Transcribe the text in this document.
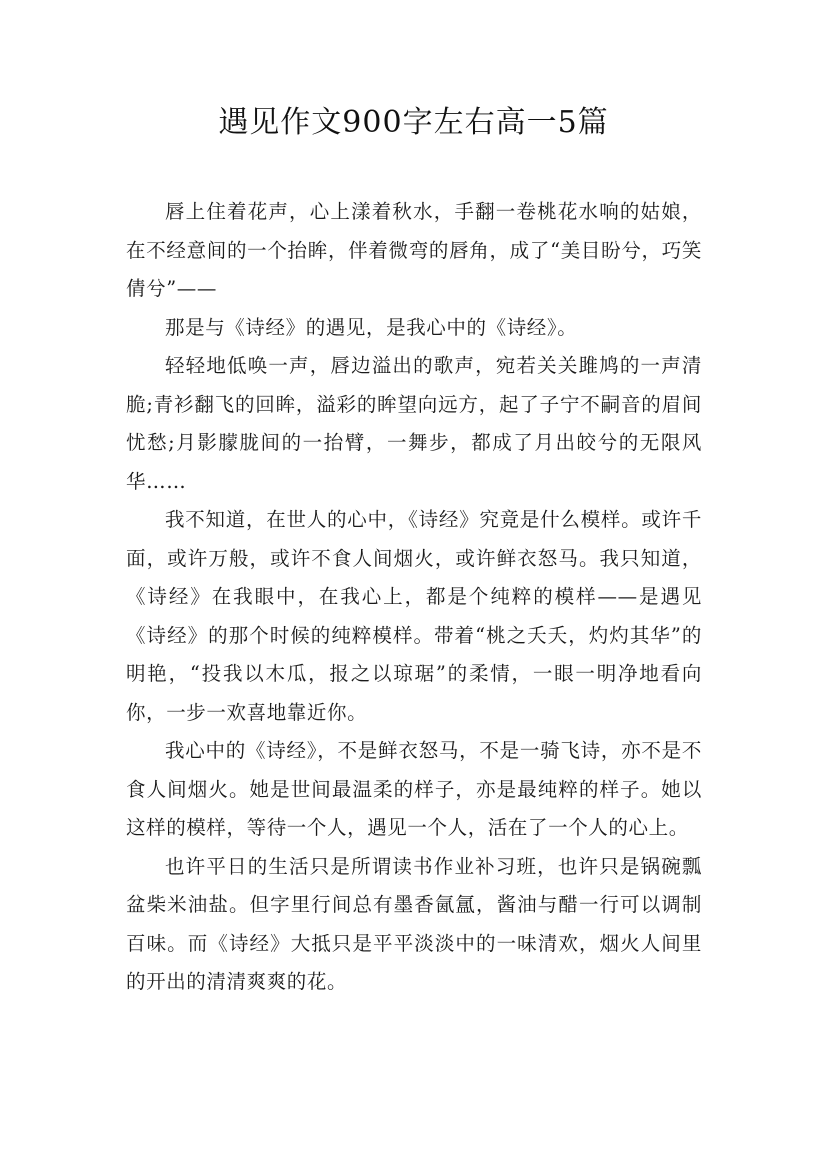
遇见作文900字左右高一5篇

唇上住着花声，心上漾着秋水，手翻一卷桃花水响的姑娘，在不经意间的一个抬眸，伴着微弯的唇角，成了“美目盼兮，巧笑倩兮”——

那是与《诗经》的遇见，是我心中的《诗经》。

轻轻地低唤一声，唇边溢出的歌声，宛若关关雎鸠的一声清脆;青衫翻飞的回眸，溢彩的眸望向远方，起了子宁不嗣音的眉间忧愁;月影朦胧间的一抬臂，一舞步，都成了月出皎兮的无限风华……

我不知道，在世人的心中，《诗经》究竟是什么模样。或许千面，或许万般，或许不食人间烟火，或许鲜衣怒马。我只知道，《诗经》在我眼中，在我心上，都是个纯粹的模样——是遇见《诗经》的那个时候的纯粹模样。带着“桃之夭夭，灼灼其华”的明艳，“投我以木瓜，报之以琼琚”的柔情，一眼一明净地看向你，一步一欢喜地靠近你。

我心中的《诗经》，不是鲜衣怒马，不是一骑飞诗，亦不是不食人间烟火。她是世间最温柔的样子，亦是最纯粹的样子。她以这样的模样，等待一个人，遇见一个人，活在了一个人的心上。

也许平日的生活只是所谓读书作业补习班，也许只是锅碗瓢盆柴米油盐。但字里行间总有墨香氤氲，酱油与醋一行可以调制百味。而《诗经》大抵只是平平淡淡中的一味清欢，烟火人间里的开出的清清爽爽的花。
